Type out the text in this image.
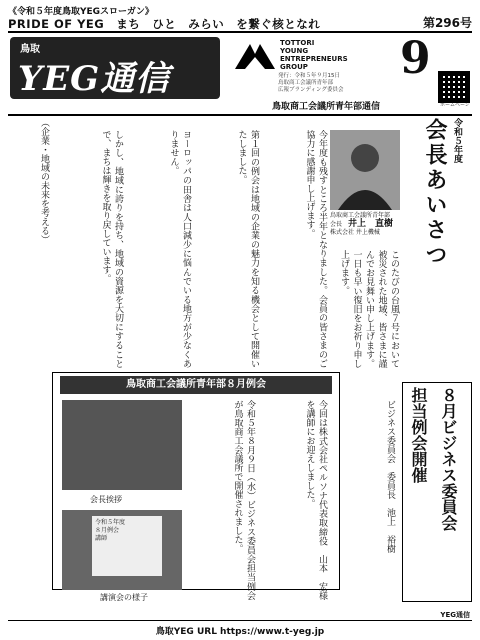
《令和５年度鳥取YEGスローガン》
PRIDE OF YEG　まち　ひと　みらい　を繋ぐ核となれ	第296号
鳥取
YEG通信
TOTTORI
YOUNG
ENTREPRENEURS
GROUP
発行：令和５年９月15日
鳥取商工会議所青年部
広報ブランディング委員会
9
ホームページ
鳥取商工会議所青年部通信
（企業・地域の未来を考える）	令和５年度
会長あいさつ
鳥取商工会議所青年部
会長　 井上　直樹
株式会社 井上機械
このたびの台風７号において被災された地域、皆さまに謹んでお見舞い申し上げます。一日も早い復旧をお祈り申し上げます。
今年度も残すところ半年となりました。会員の皆さまのご協力に感謝申し上げます。
第１回の例会は地域の企業の魅力を知る機会として開催いたしました。
ヨーロッパの田舎は人口減少に悩んでいる地方が少なくありません。
しかし、地域に誇りを持ち、地域の資源を大切にすることで、まちは輝きを取り戻しています。
鳥取商工会議所青年部８月例会
会長挨拶
令和５年度
８月例会
講師
講演会の様子	令和５年８月９日（水）ビジネス委員会担当例会が鳥取商工会議所で開催されました。	今回は株式会社ペルソナ代表取締役　山本　宏様を講師にお迎えしました。	ビジネス委員会　委員長　池上　裕樹	８月ビジネス委員会
担当例会開催
YEG通信
鳥取YEG URL https://www.t-yeg.jp
